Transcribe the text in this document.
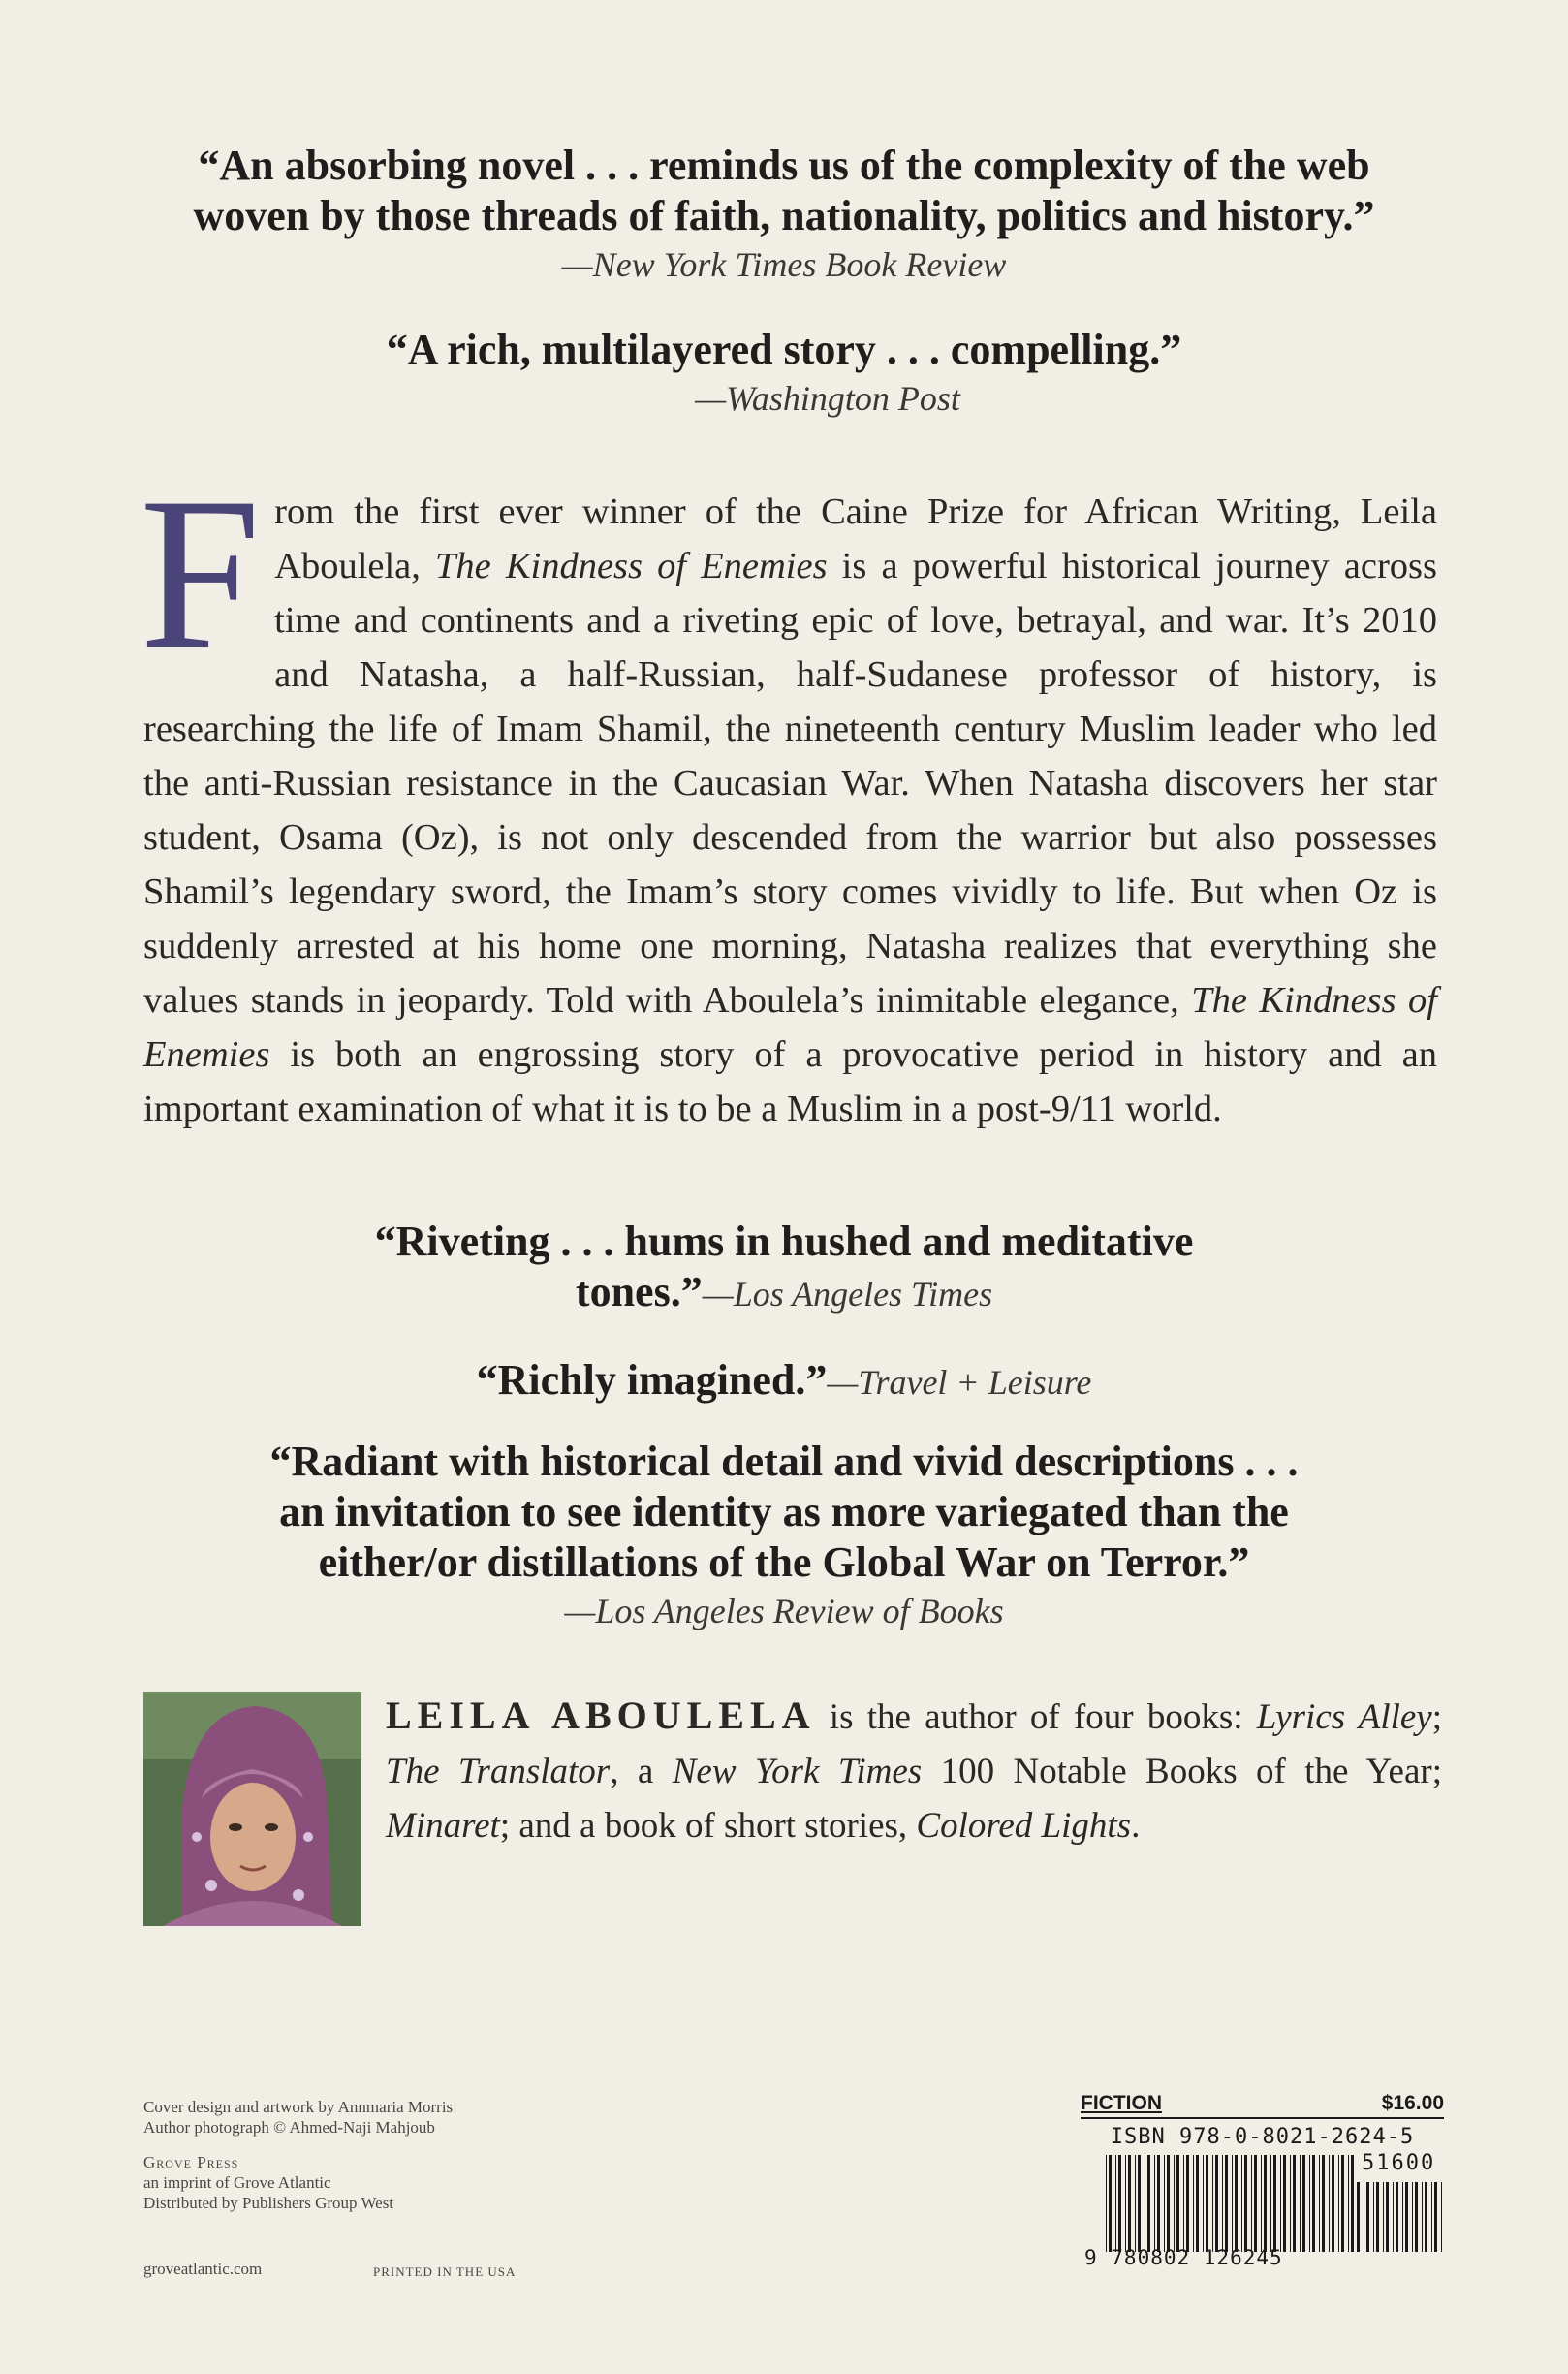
“An absorbing novel . . . reminds us of the complexity of the web
woven by those threads of faith, nationality, politics and history.”
—New York Times Book Review
“A rich, multilayered story . . . compelling.”
—Washington Post
From the first ever winner of the Caine Prize for African Writing, Leila Aboulela, The Kindness of Enemies is a powerful historical journey across time and continents and a riveting epic of love, betrayal, and war. It’s 2010 and Natasha, a half-Russian, half-Sudanese professor of history, is researching the life of Imam Shamil, the nineteenth century Muslim leader who led the anti-Russian resistance in the Caucasian War. When Natasha discovers her star student, Osama (Oz), is not only descended from the warrior but also possesses Shamil’s legendary sword, the Imam’s story comes vividly to life. But when Oz is suddenly arrested at his home one morning, Natasha realizes that everything she values stands in jeopardy. Told with Aboulela’s inimitable elegance, The Kindness of Enemies is both an engrossing story of a provocative period in history and an important examination of what it is to be a Muslim in a post-9/11 world.
“Riveting . . . hums in hushed and meditative
tones.”—Los Angeles Times
“Richly imagined.”—Travel + Leisure
“Radiant with historical detail and vivid descriptions . . .
an invitation to see identity as more variegated than the
either/or distillations of the Global War on Terror.”
—Los Angeles Review of Books
LEILA ABOULELA is the author of four books: Lyrics Alley; The Translator, a New York Times 100 Notable Books of the Year; Minaret; and a book of short stories, Colored Lights.
Cover design and artwork by Annmaria Morris
Author photograph © Ahmed-Naji Mahjoub
Grove Press
an imprint of Grove Atlantic
Distributed by Publishers Group West
groveatlantic.com	PRINTED IN THE USA
FICTION	$16.00
ISBN 978-0-8021-2624-5
51600
9 780802 126245
